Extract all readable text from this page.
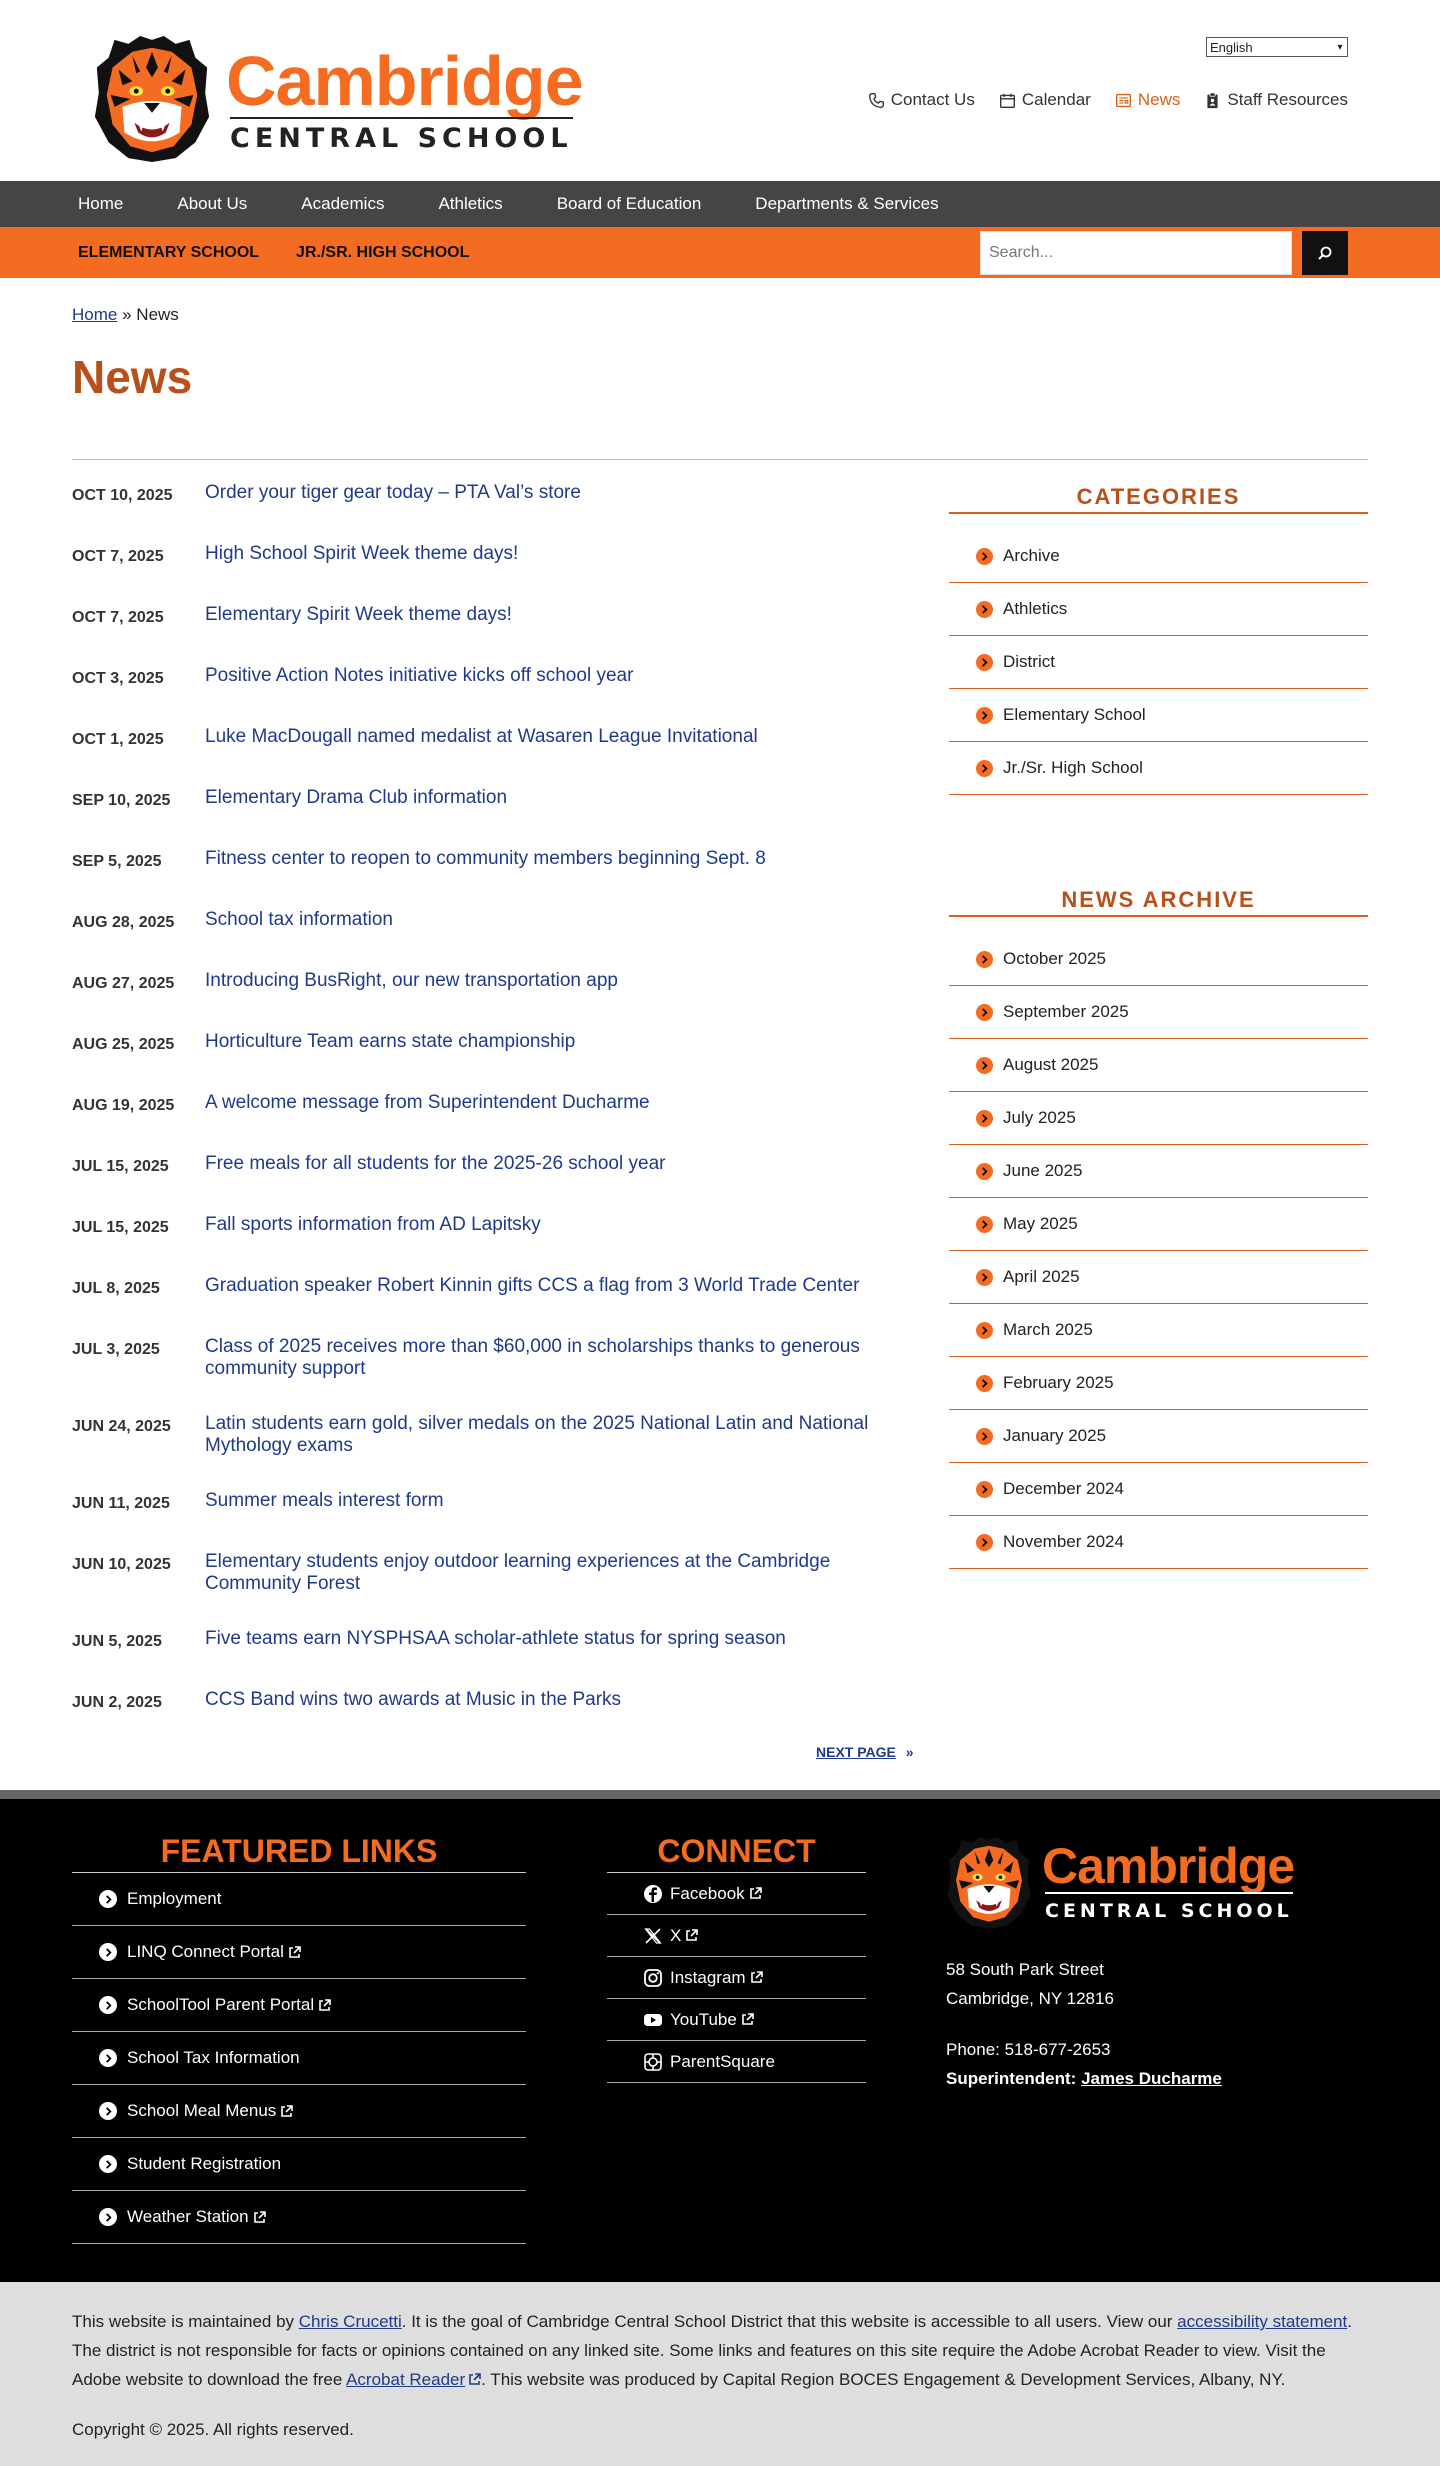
Cambridge
CENTRAL SCHOOL
English	▾
Contact Us	Calendar	News	Staff Resources
Home	About Us	Academics	Athletics	Board of Education	Departments & Services
ELEMENTARY SCHOOL JR./SR. HIGH SCHOOL	Search...
Home » News
News
OCT 10, 2025	Order your tiger gear today – PTA Val’s store
OCT 7, 2025	High School Spirit Week theme days!
OCT 7, 2025	Elementary Spirit Week theme days!
OCT 3, 2025	Positive Action Notes initiative kicks off school year
OCT 1, 2025	Luke MacDougall named medalist at Wasaren League Invitational
SEP 10, 2025	Elementary Drama Club information
SEP 5, 2025	Fitness center to reopen to community members beginning Sept. 8
AUG 28, 2025	School tax information
AUG 27, 2025	Introducing BusRight, our new transportation app
AUG 25, 2025	Horticulture Team earns state championship
AUG 19, 2025	A welcome message from Superintendent Ducharme
JUL 15, 2025	Free meals for all students for the 2025-26 school year
JUL 15, 2025	Fall sports information from AD Lapitsky
JUL 8, 2025	Graduation speaker Robert Kinnin gifts CCS a flag from 3 World Trade Center
JUL 3, 2025	Class of 2025 receives more than $60,000 in scholarships thanks to generous community support
JUN 24, 2025	Latin students earn gold, silver medals on the 2025 National Latin and National Mythology exams
JUN 11, 2025	Summer meals interest form
JUN 10, 2025	Elementary students enjoy outdoor learning experiences at the Cambridge Community Forest
JUN 5, 2025	Five teams earn NYSPHSAA scholar-athlete status for spring season
JUN 2, 2025	CCS Band wins two awards at Music in the Parks
NEXT PAGE »
CATEGORIES
Archive
Athletics
District
Elementary School
Jr./Sr. High School
NEWS ARCHIVE
October 2025
September 2025
August 2025
July 2025
June 2025
May 2025
April 2025
March 2025
February 2025
January 2025
December 2024
November 2024
FEATURED LINKS
Employment
LINQ Connect Portal
SchoolTool Parent Portal
School Tax Information
School Meal Menus
Student Registration
Weather Station
CONNECT
Facebook
X
Instagram
YouTube
ParentSquare
Cambridge
CENTRAL SCHOOL
58 South Park Street
Cambridge, NY 12816
Phone: 518-677-2653
Superintendent: James Ducharme
This website is maintained by Chris Crucetti. It is the goal of Cambridge Central School District that this website is accessible to all users. View our accessibility statement. The district is not responsible for facts or opinions contained on any linked site. Some links and features on this site require the Adobe Acrobat Reader to view. Visit the Adobe website to download the free Acrobat Reader . This website was produced by Capital Region BOCES Engagement & Development Services, Albany, NY.
Copyright © 2025. All rights reserved.
